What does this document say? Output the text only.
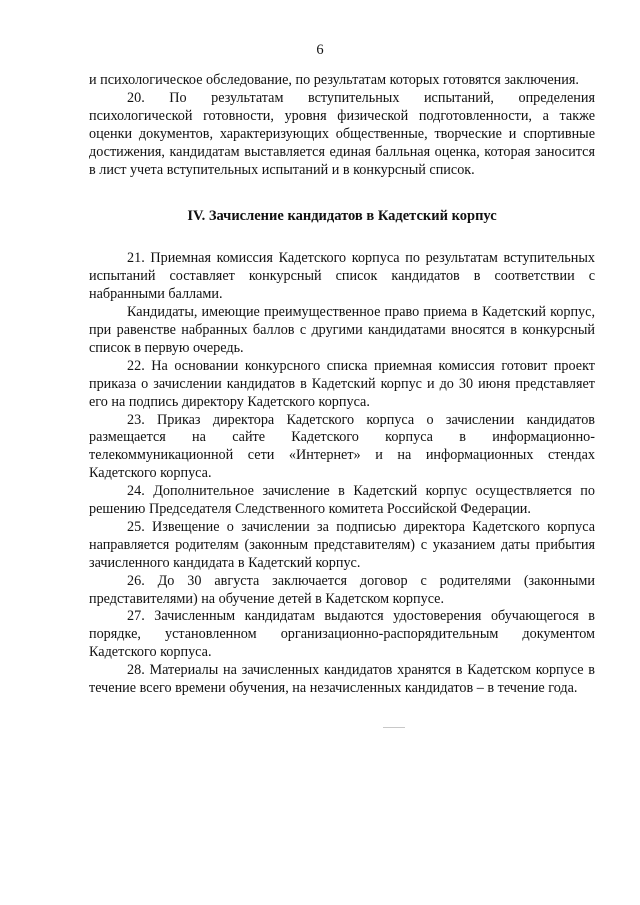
6

и психологическое обследование, по результатам которых готовятся заключения.

20. По результатам вступительных испытаний, определения психологической готовности, уровня физической подготовленности, а также оценки документов, характеризующих общественные, творческие и спортивные достижения, кандидатам выставляется единая балльная оценка, которая заносится в лист учета вступительных испытаний и в конкурсный список.

IV. Зачисление кандидатов в Кадетский корпус

21. Приемная комиссия Кадетского корпуса по результатам вступительных испытаний составляет конкурсный список кандидатов в соответствии с набранными баллами.

Кандидаты, имеющие преимущественное право приема в Кадетский корпус, при равенстве набранных баллов с другими кандидатами вносятся в конкурсный список в первую очередь.

22. На основании конкурсного списка приемная комиссия готовит проект приказа о зачислении кандидатов в Кадетский корпус и до 30 июня представляет его на подпись директору Кадетского корпуса.

23. Приказ директора Кадетского корпуса о зачислении кандидатов размещается на сайте Кадетского корпуса в информационно-телекоммуникационной сети «Интернет» и на информационных стендах Кадетского корпуса.

24. Дополнительное зачисление в Кадетский корпус осуществляется по решению Председателя Следственного комитета Российской Федерации.

25. Извещение о зачислении за подписью директора Кадетского корпуса направляется родителям (законным представителям) с указанием даты прибытия зачисленного кандидата в Кадетский корпус.

26. До 30 августа заключается договор с родителями (законными представителями) на обучение детей в Кадетском корпусе.

27. Зачисленным кандидатам выдаются удостоверения обучающегося в порядке, установленном организационно-распорядительным документом Кадетского корпуса.

28. Материалы на зачисленных кандидатов хранятся в Кадетском корпусе в течение всего времени обучения, на незачисленных кандидатов – в течение года.
